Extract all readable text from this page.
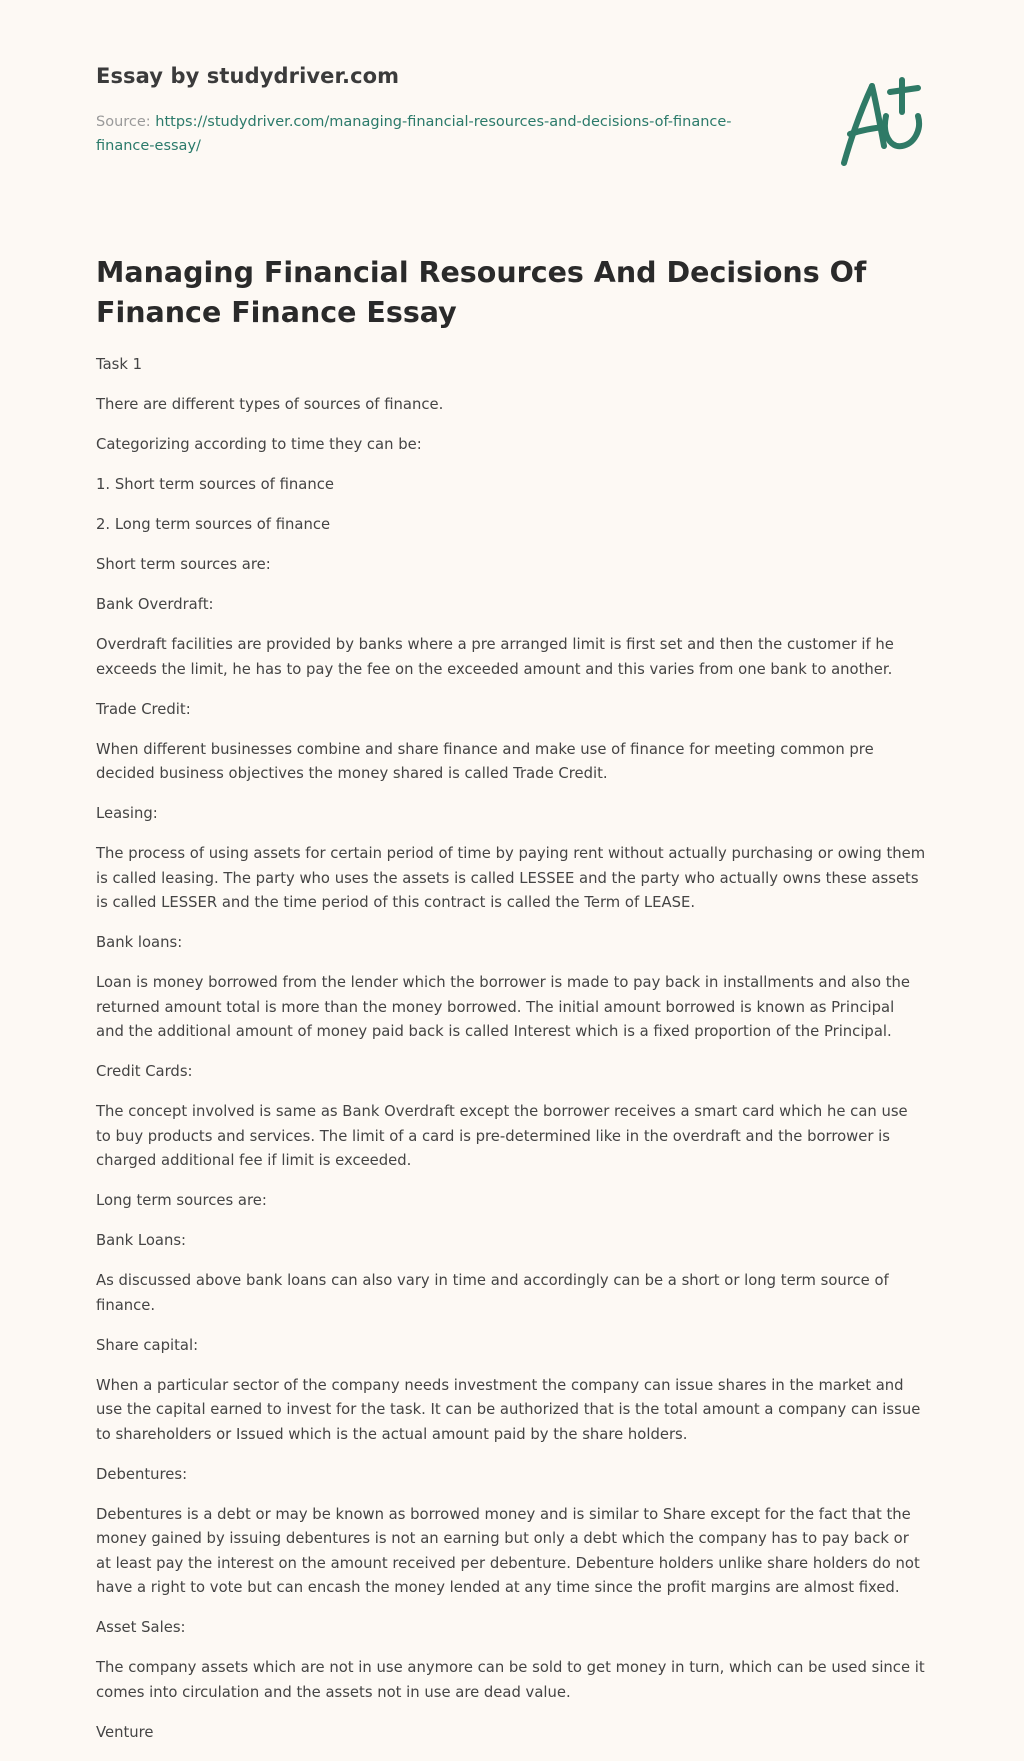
Essay by studydriver.com
Source: https://studydriver.com/managing-financial-resources-and-decisions-of-finance-finance-essay/
Managing Financial Resources And Decisions Of Finance Finance Essay

Task 1

There are different types of sources of finance.

Categorizing according to time they can be:

1. Short term sources of finance

2. Long term sources of finance

Short term sources are:

Bank Overdraft:

Overdraft facilities are provided by banks where a pre arranged limit is first set and then the customer if he exceeds the limit, he has to pay the fee on the exceeded amount and this varies from one bank to another.

Trade Credit:

When different businesses combine and share finance and make use of finance for meeting common pre decided business objectives the money shared is called Trade Credit.

Leasing:

The process of using assets for certain period of time by paying rent without actually purchasing or owing them is called leasing. The party who uses the assets is called LESSEE and the party who actually owns these assets is called LESSER and the time period of this contract is called the Term of LEASE.

Bank loans:

Loan is money borrowed from the lender which the borrower is made to pay back in installments and also the returned amount total is more than the money borrowed. The initial amount borrowed is known as Principal and the additional amount of money paid back is called Interest which is a fixed proportion of the Principal.

Credit Cards:

The concept involved is same as Bank Overdraft except the borrower receives a smart card which he can use to buy products and services. The limit of a card is pre-determined like in the overdraft and the borrower is charged additional fee if limit is exceeded.

Long term sources are:

Bank Loans:

As discussed above bank loans can also vary in time and accordingly can be a short or long term source of finance.

Share capital:

When a particular sector of the company needs investment the company can issue shares in the market and use the capital earned to invest for the task. It can be authorized that is the total amount a company can issue to shareholders or Issued which is the actual amount paid by the share holders.

Debentures:

Debentures is a debt or may be known as borrowed money and is similar to Share except for the fact that the money gained by issuing debentures is not an earning but only a debt which the company has to pay back or at least pay the interest on the amount received per debenture. Debenture holders unlike share holders do not have a right to vote but can encash the money lended at any time since the profit margins are almost fixed.

Asset Sales:

The company assets which are not in use anymore can be sold to get money in turn, which can be used since it comes into circulation and the assets not in use are dead value.

Venture
